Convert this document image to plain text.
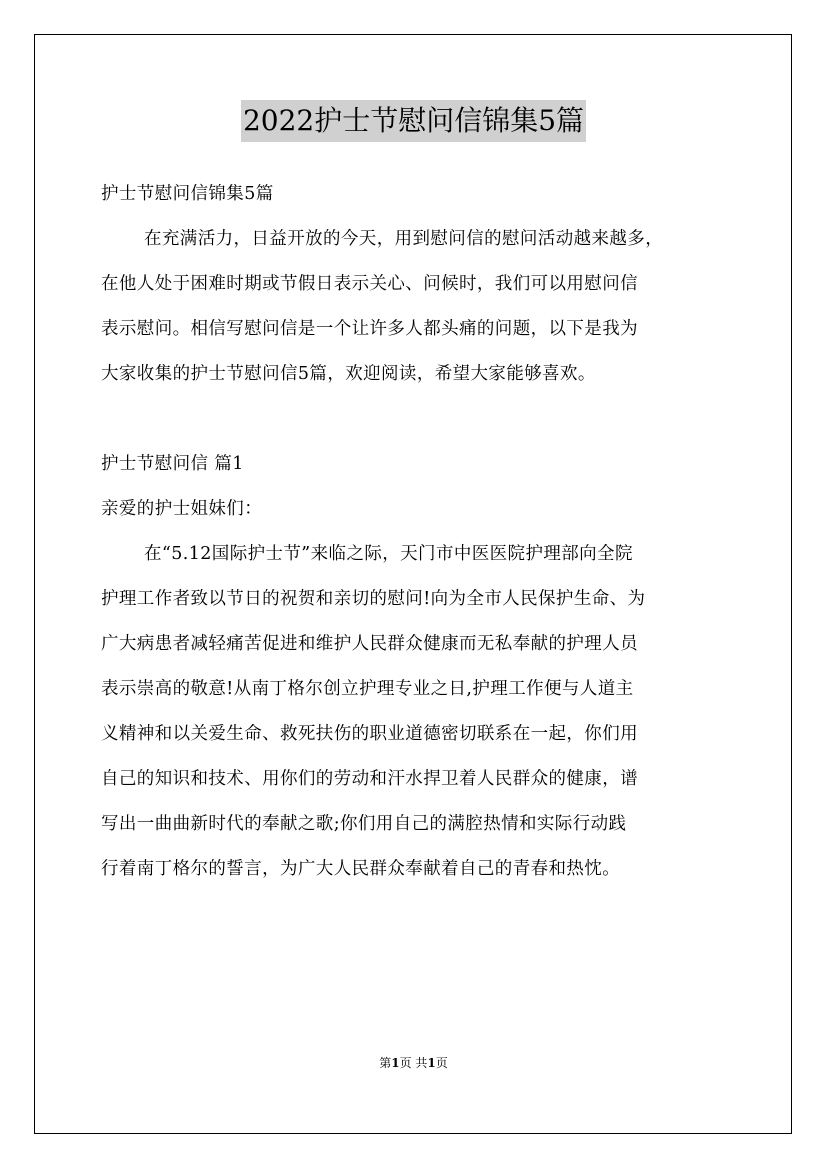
2022护士节慰问信锦集5篇
护士节慰问信锦集5篇
在充满活力，日益开放的今天，用到慰问信的慰问活动越来越多，
在他人处于困难时期或节假日表示关心、问候时，我们可以用慰问信
表示慰问。相信写慰问信是一个让许多人都头痛的问题，以下是我为
大家收集的护士节慰问信5篇，欢迎阅读，希望大家能够喜欢。
护士节慰问信 篇1
亲爱的护士姐妹们：
在“5.12国际护士节”来临之际，天门市中医医院护理部向全院
护理工作者致以节日的祝贺和亲切的慰问!向为全市人民保护生命、为
广大病患者减轻痛苦促进和维护人民群众健康而无私奉献的护理人员
表示崇高的敬意!从南丁格尔创立护理专业之日,护理工作便与人道主
义精神和以关爱生命、救死扶伤的职业道德密切联系在一起，你们用
自己的知识和技术、用你们的劳动和汗水捍卫着人民群众的健康，谱
写出一曲曲新时代的奉献之歌;你们用自己的满腔热情和实际行动践
行着南丁格尔的誓言，为广大人民群众奉献着自己的青春和热忱。
第1页 共1页
